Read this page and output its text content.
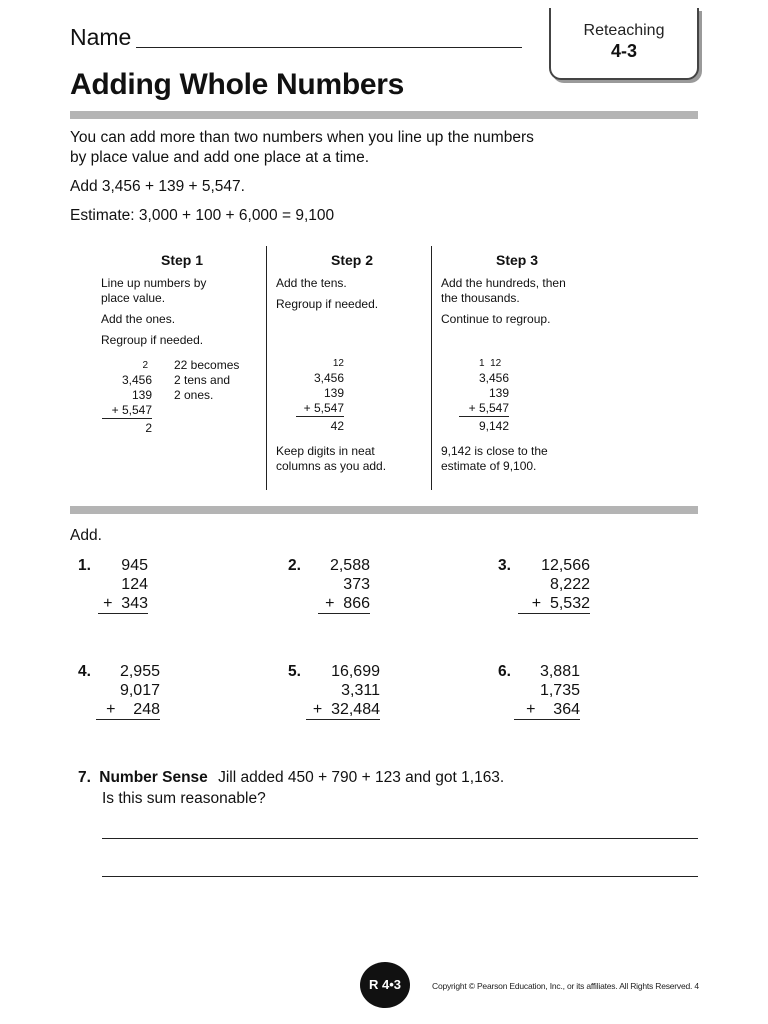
Name	Reteaching
4-3
Adding Whole Numbers
You can add more than two numbers when you line up the numbers by place value and add one place at a time.
Add 3,456 + 139 + 5,547.
Estimate: 3,000 + 100 + 6,000 = 9,100
Step 1
Line up numbers by
place value.
Add the ones.
Regroup if needed.
2
3,456
139
+ 5,547
2
22 becomes
2 tens and
2 ones.
Step 2
Add the tens.
Regroup if needed.
12
3,456
139
+ 5,547
42
Keep digits in neat
columns as you add.
Step 3
Add the hundreds, then
the thousands.
Continue to regroup.
1  12
3,456
139
+ 5,547
9,142
9,142 is close to the
estimate of 9,100.
Add.
1.	945
124
+  343
2.	2,588
373
+  866
3.	12,566
8,222
+  5,532
4.	2,955
9,017
+    248
5.	16,699
3,311
+  32,484
6.	3,881
1,735
+    364
7. Number Sense Jill added 450 + 790 + 123 and got 1,163.
Is this sum reasonable?
R 4•3	Copyright © Pearson Education, Inc., or its affiliates. All Rights Reserved. 4
